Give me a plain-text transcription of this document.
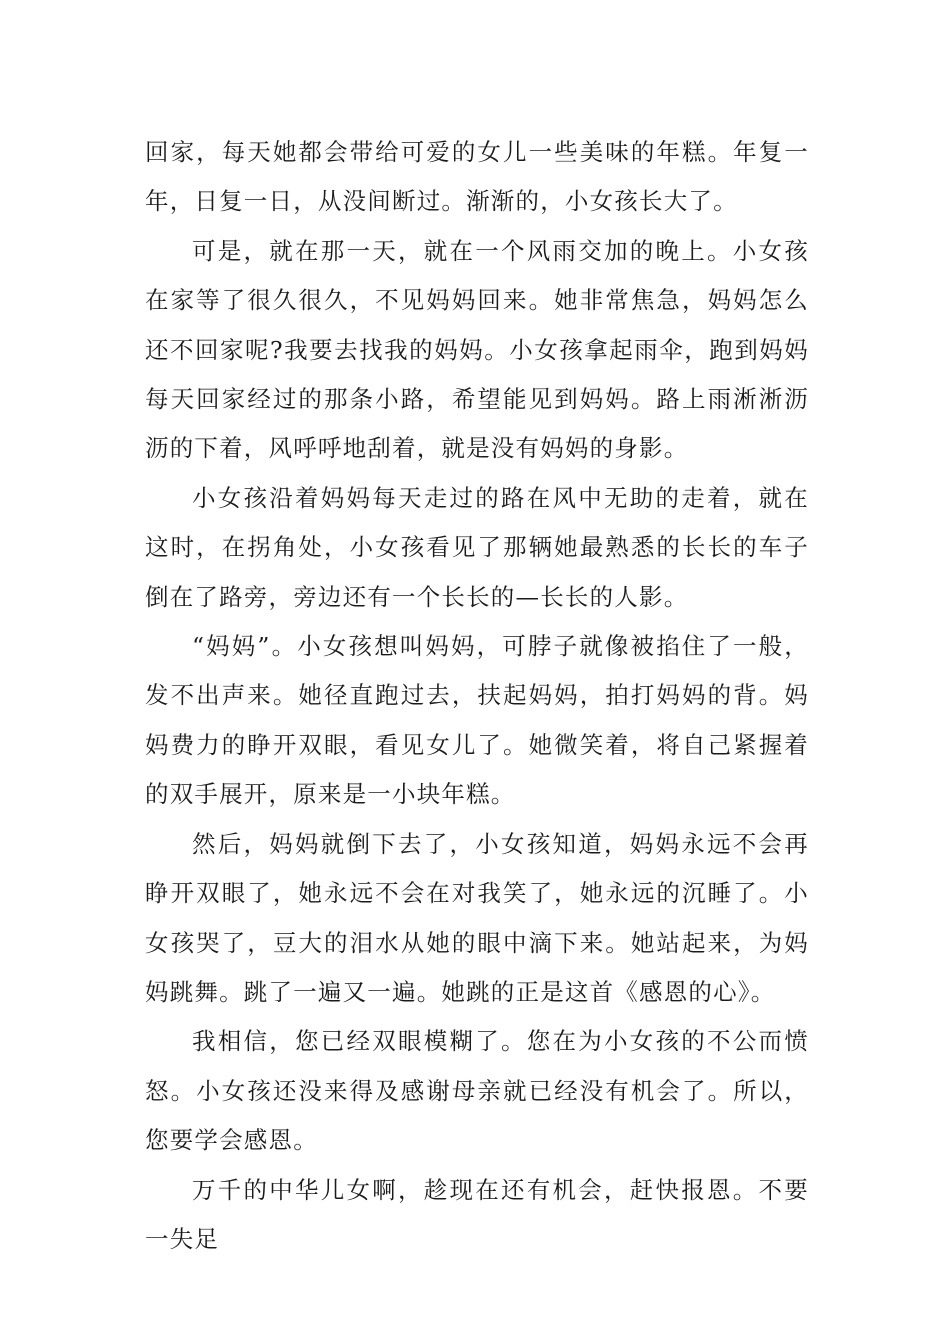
回家，每天她都会带给可爱的女儿一些美味的年糕。年复一年，日复一日，从没间断过。渐渐的，小女孩长大了。

可是，就在那一天，就在一个风雨交加的晚上。小女孩在家等了很久很久，不见妈妈回来。她非常焦急，妈妈怎么还不回家呢?我要去找我的妈妈。小女孩拿起雨伞，跑到妈妈每天回家经过的那条小路，希望能见到妈妈。路上雨淅淅沥沥的下着，风呼呼地刮着，就是没有妈妈的身影。

小女孩沿着妈妈每天走过的路在风中无助的走着，就在这时，在拐角处，小女孩看见了那辆她最熟悉的长长的车子倒在了路旁，旁边还有一个长长的—长长的人影。

“妈妈”。小女孩想叫妈妈，可脖子就像被掐住了一般，发不出声来。她径直跑过去，扶起妈妈，拍打妈妈的背。妈妈费力的睁开双眼，看见女儿了。她微笑着，将自己紧握着的双手展开，原来是一小块年糕。

然后，妈妈就倒下去了，小女孩知道，妈妈永远不会再睁开双眼了，她永远不会在对我笑了，她永远的沉睡了。小女孩哭了，豆大的泪水从她的眼中滴下来。她站起来，为妈妈跳舞。跳了一遍又一遍。她跳的正是这首《感恩的心》。

我相信，您已经双眼模糊了。您在为小女孩的不公而愤怒。小女孩还没来得及感谢母亲就已经没有机会了。所以，您要学会感恩。

万千的中华儿女啊，趁现在还有机会，赶快报恩。不要一失足
